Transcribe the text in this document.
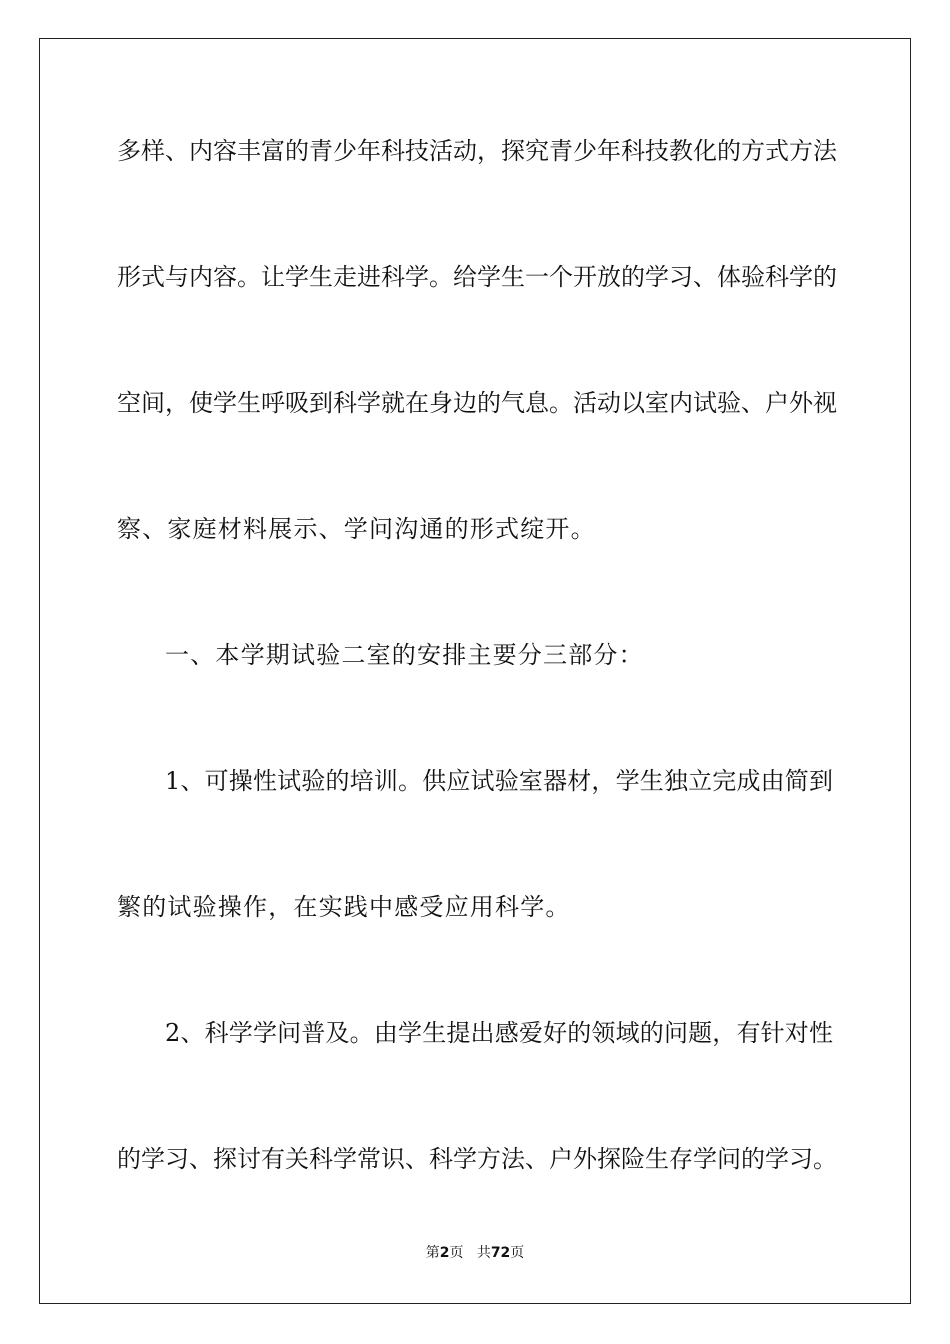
多样、内容丰富的青少年科技活动，探究青少年科技教化的方式方法
形式与内容。让学生走进科学。给学生一个开放的学习、体验科学的
空间，使学生呼吸到科学就在身边的气息。活动以室内试验、户外视
察、家庭材料展示、学问沟通的形式绽开。
一、本学期试验二室的安排主要分三部分：
1、可操性试验的培训。供应试验室器材，学生独立完成由简到
繁的试验操作，在实践中感受应用科学。
2、科学学问普及。由学生提出感爱好的领域的问题，有针对性
的学习、探讨有关科学常识、科学方法、户外探险生存学问的学习。
第2页 共72页
